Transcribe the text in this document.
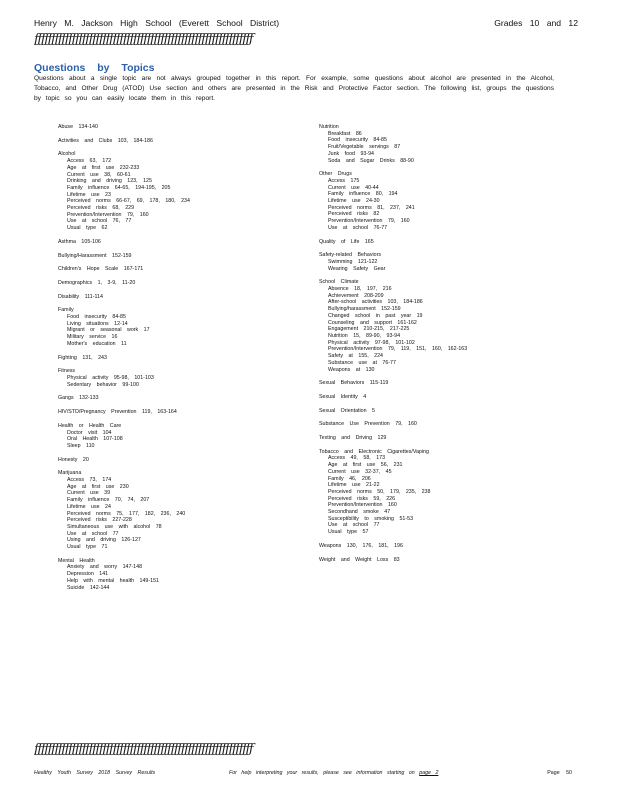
Henry M. Jackson High School (Everett School District)	Grades 10 and 12
ƒƒƒƒƒƒƒƒƒƒƒƒƒƒƒƒƒƒƒƒƒƒƒƒƒƒƒƒƒƒƒƒƒƒƒƒƒƒƒƒƒƒƒƒƒƒƒƒƒƒƒƒƒƒƒƒƒƒƒƒƒƒƒƒ
Questions by Topics
Questions about a single topic are not always grouped together in this report. For example, some questions about alcohol are presented in the Alcohol, Tobacco, and Other Drug (ATOD) Use section and others are presented in the Risk and Protective Factor section. The following list, groups the questions by topic so you can easily locate them in this report.
Abuse 134-140
Activities and Clubs 103, 184-186
Alcohol
Access 63, 172
Age at first use 232-233
Current use 38, 60-61
Drinking and driving 123, 125
Family influence 64-65, 194-195, 205
Lifetime use 23
Perceived norms 66-67, 69, 178, 180, 234
Perceived risks 68, 229
Prevention/Intervention 79, 160
Use at school 76, 77
Usual type 62
Asthma 105-106
Bullying/Harassment 152-159
Children's Hope Scale 167-171
Demographics 1, 3-9, 11-20
Disability 111-114
Family
Food insecurity 84-85
Living situations 12-14
Migrant or seasonal work 17
Military service 16
Mother's education 11
Fighting 131, 243
Fitness
Physical activity 95-98, 101-103
Sedentary behavior 99-100
Gangs 132-133
HIV/STD/Pregnancy Prevention 119, 163-164
Health or Health Care
Doctor visit 104
Oral Health 107-108
Sleep 110
Honesty 20
Marijuana
Access 73, 174
Age at first use 230
Current use 39
Family influence 70, 74, 207
Lifetime use 24
Perceived norms 75, 177, 182, 236, 240
Perceived risks 227-228
Simultaneous use with alcohol 78
Use at school 77
Using and driving 126-127
Usual type 71
Mental Health
Anxiety and worry 147-148
Depression 141
Help with mental health 149-151
Suicide 142-144
Nutrition
Breakfast 86
Food insecurity 84-85
Fruit/Vegetable servings 87
Junk food 93-94
Soda and Sugar Drinks 88-90
Other Drugs
Access 175
Current use 40-44
Family influence 80, 194
Lifetime use 24-30
Perceived norms 81, 237, 241
Perceived risks 82
Prevention/Intervention 79, 160
Use at school 76-77
Quality of Life 165
Safety-related Behaviors
Swimming 121-122
Wearing Safety Gear
School Climate
Absence 18, 197, 216
Achievement 208-209
After-school activities 103, 184-186
Bullying/harassment 152-159
Changed school in past year 19
Counseling and support 161-162
Engagement 210-215, 217-225
Nutrition 15, 89-90, 93-94
Physical activity 97-98, 101-102
Prevention/Intervention 79, 119, 151, 160, 162-163
Safety at 155, 224
Substance use at 76-77
Weapons at 130
Sexual Behaviors 115-119
Sexual Identity 4
Sexual Orientation 5
Substance Use Prevention 79, 160
Texting and Driving 129
Tobacco and Electronic Cigarettes/Vaping
Access 49, 58, 173
Age at first use 56, 231
Current use 32-37, 45
Family 46, 206
Lifetime use 21-22
Perceived norms 50, 179, 235, 238
Perceived risks 59, 226
Prevention/Intervention 160
Secondhand smoke 47
Susceptibility to smoking 51-53
Use at school 77
Usual type 57
Weapons 130, 176, 181, 196
Weight and Weight Loss 83
ƒƒƒƒƒƒƒƒƒƒƒƒƒƒƒƒƒƒƒƒƒƒƒƒƒƒƒƒƒƒƒƒƒƒƒƒƒƒƒƒƒƒƒƒƒƒƒƒƒƒƒƒƒƒƒƒƒƒƒƒƒƒƒƒ
Healthy Youth Survey 2018 Survey Results	For help interpreting your results, please see information starting on page 2	Page 50
